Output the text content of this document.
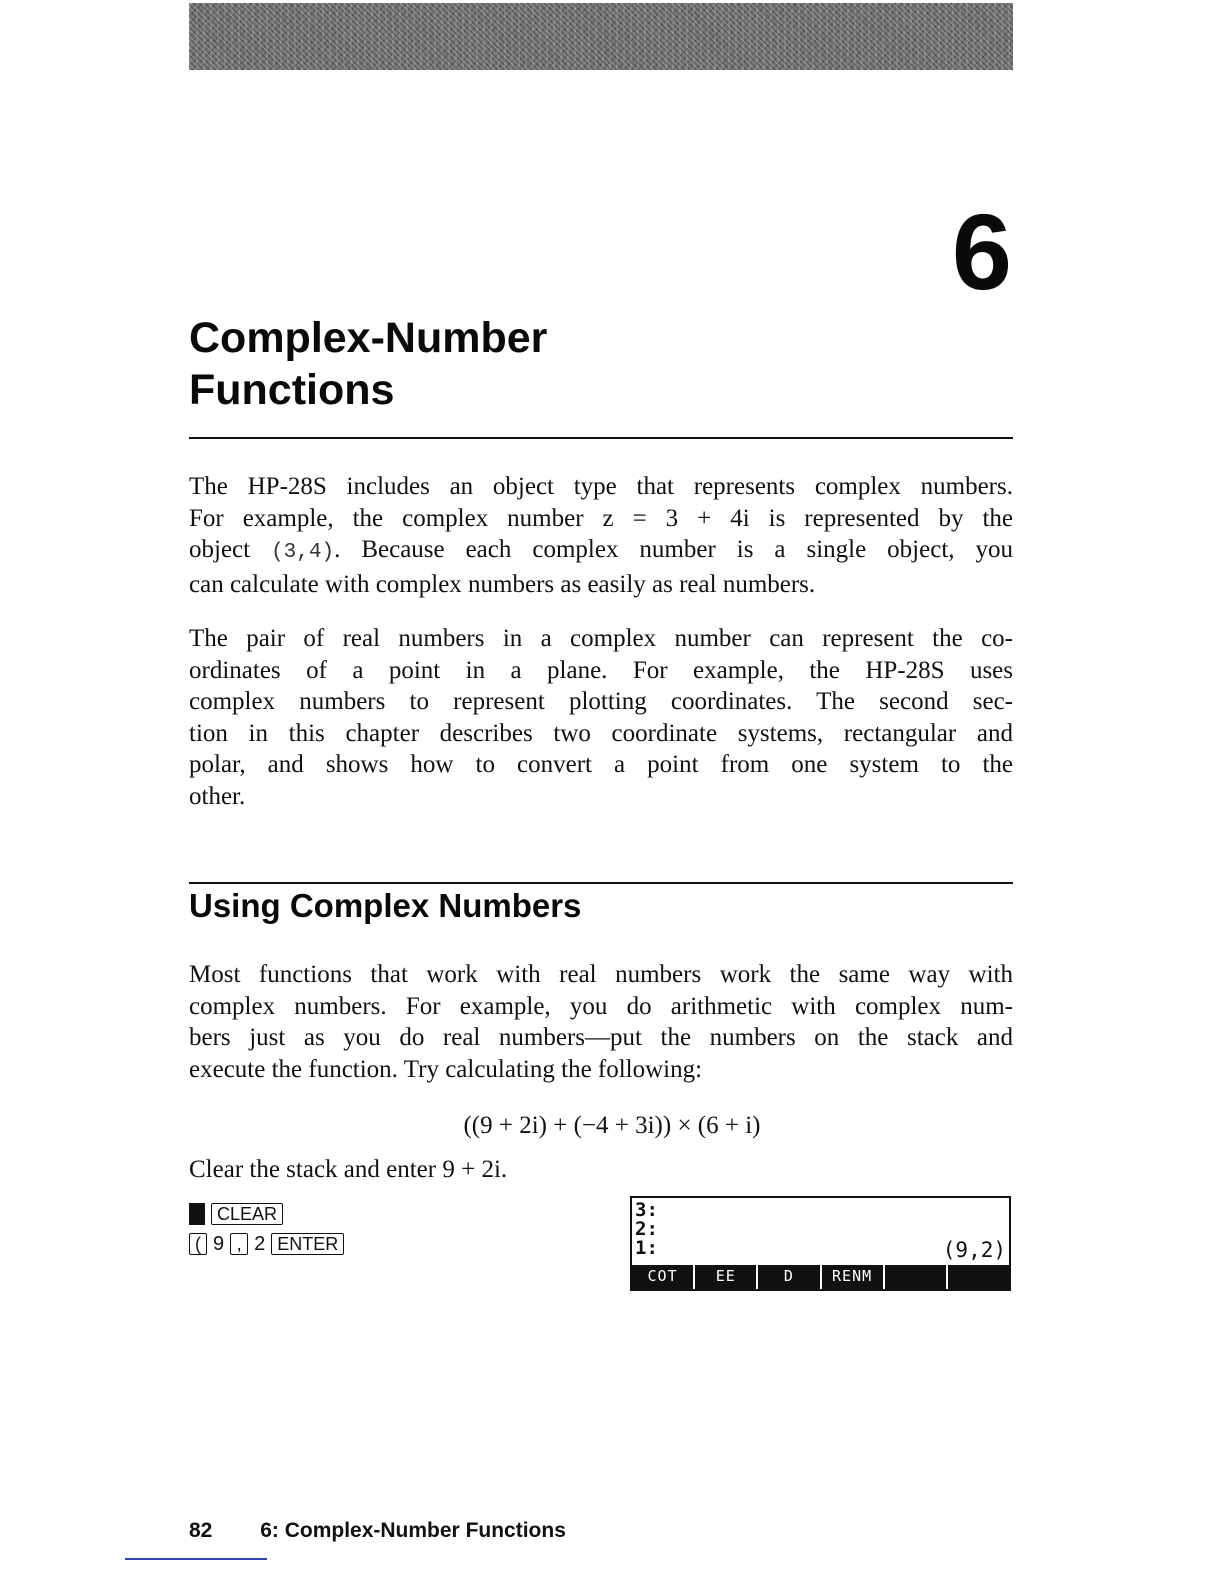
6
Complex-Number
Functions

The HP-28S includes an object type that represents complex numbers.
For example, the complex number z = 3 + 4i is represented by the
object (3,4). Because each complex number is a single object, you
can calculate with complex numbers as easily as real numbers.

The pair of real numbers in a complex number can represent the co-
ordinates of a point in a plane. For example, the HP-28S uses
complex numbers to represent plotting coordinates. The second sec-
tion in this chapter describes two coordinate systems, rectangular and
polar, and shows how to convert a point from one system to the
other.

Using Complex Numbers

Most functions that work with real numbers work the same way with
complex numbers. For example, you do arithmetic with complex num-
bers just as you do real numbers—put the numbers on the stack and
execute the function. Try calculating the following:

((9 + 2i) + (−4 + 3i)) × (6 + i)
Clear the stack and enter 9 + 2i.
CLEAR
( 9 , 2 ENTER
3:
2:
1:	(9,2)
COT	EE	D	RENM
82 6: Complex-Number Functions
